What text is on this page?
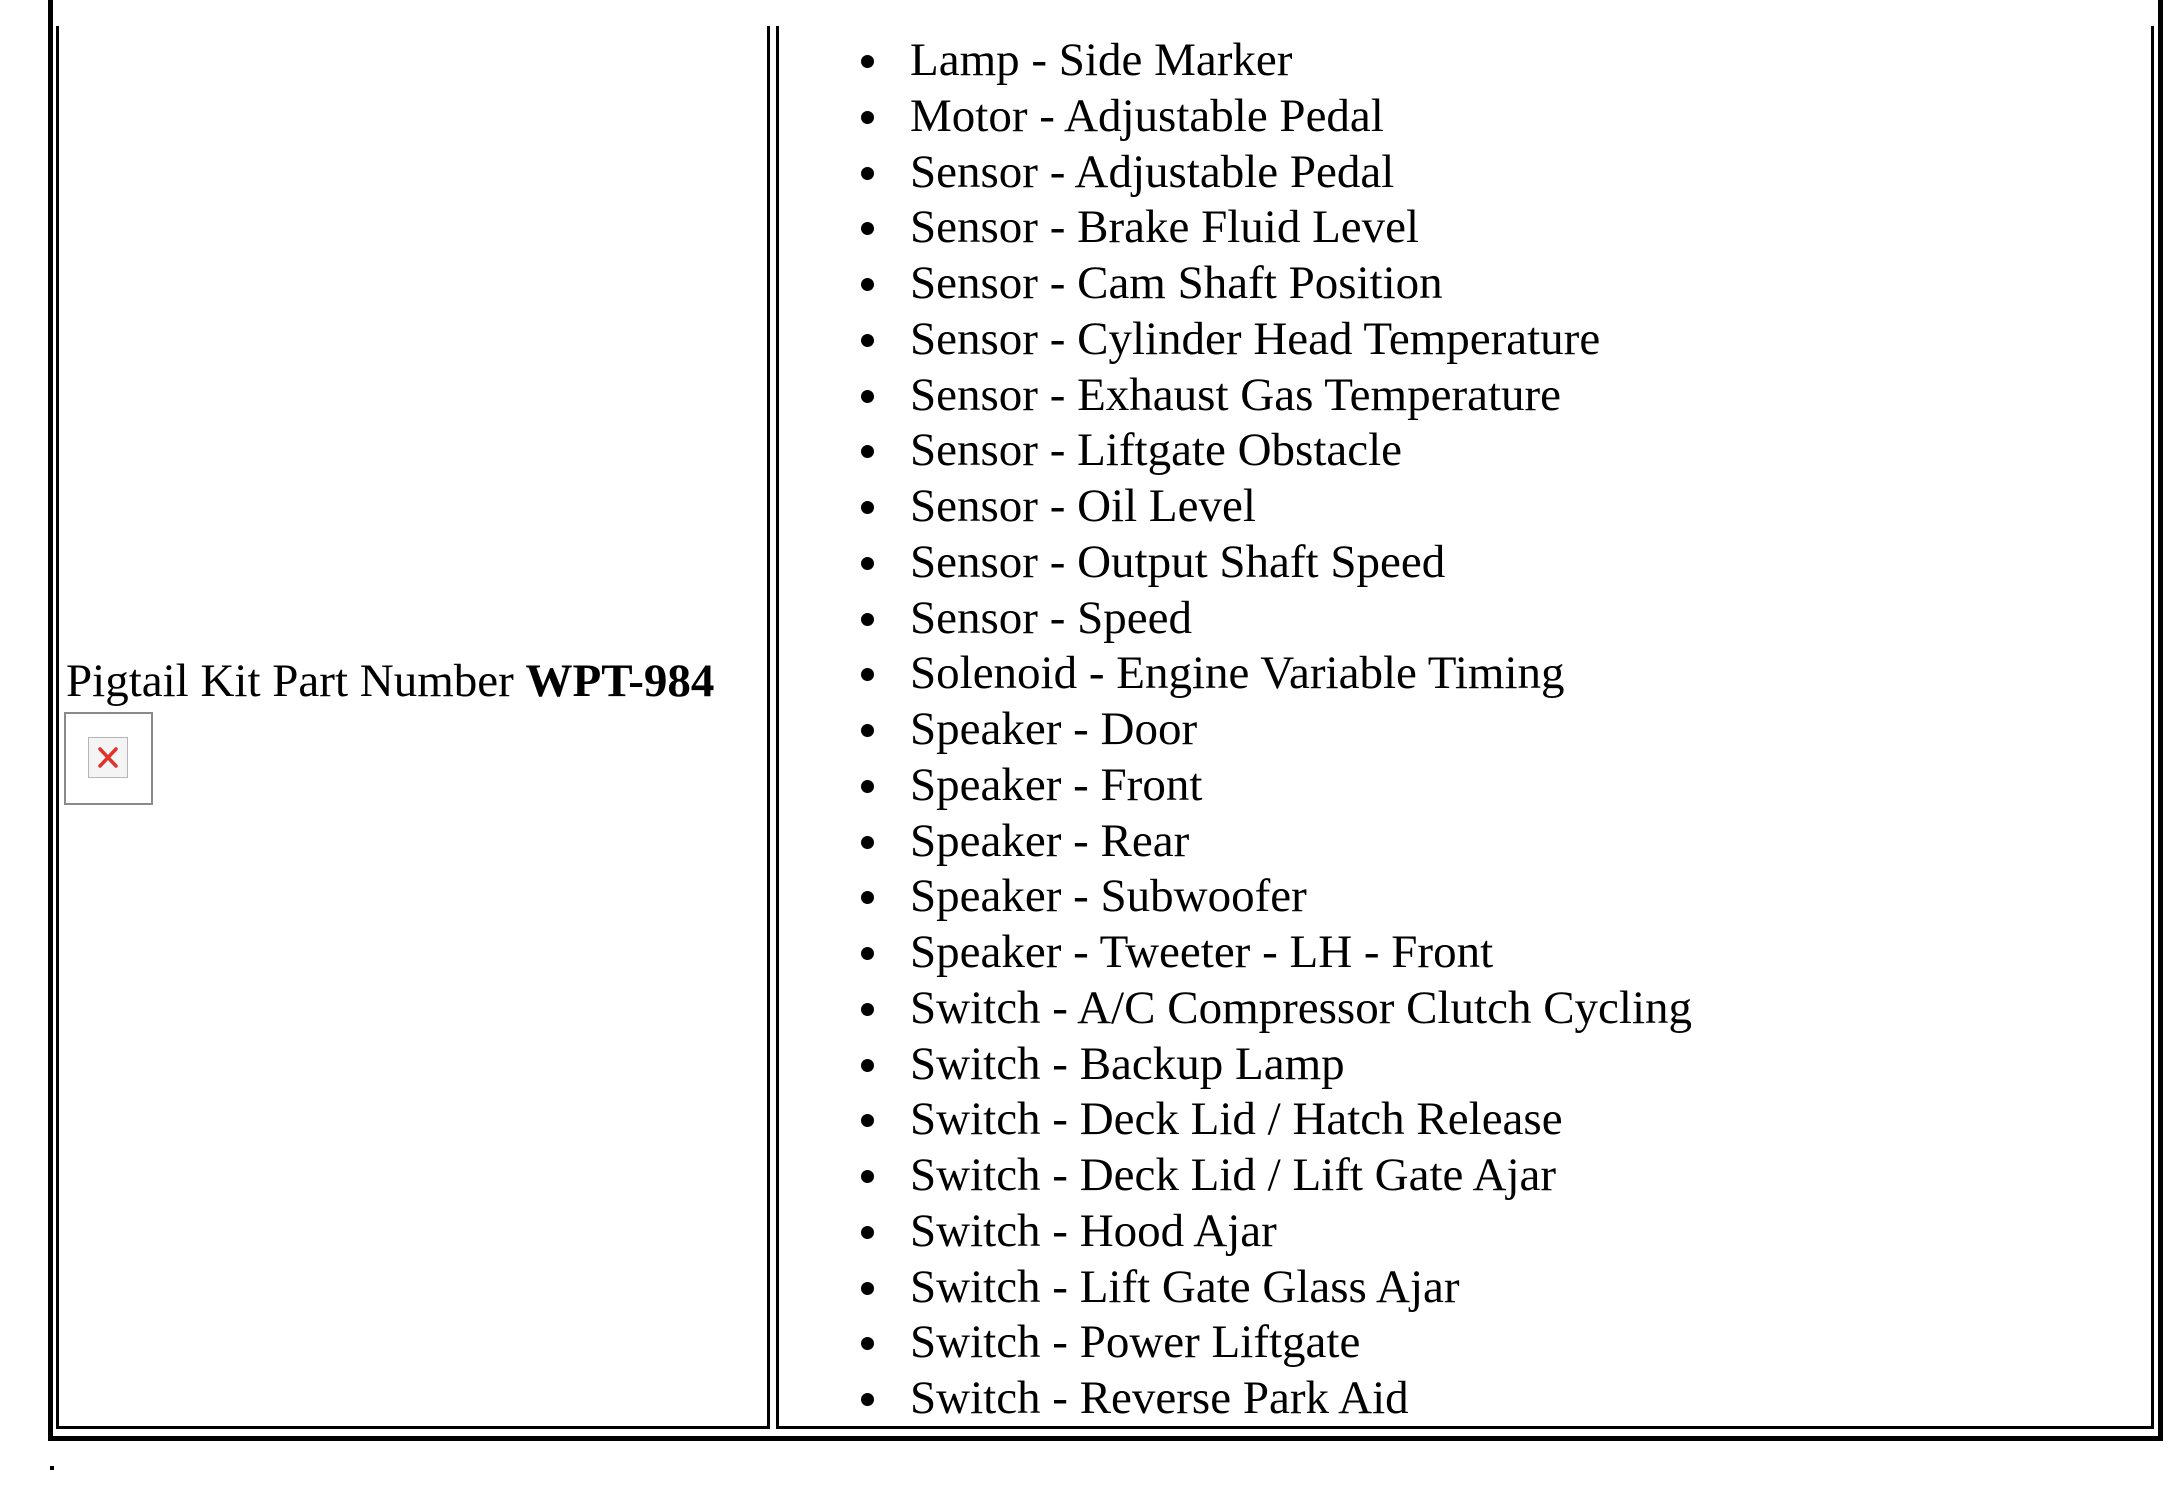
Pigtail Kit Part Number WPT-984
Lamp - Side Marker
Motor - Adjustable Pedal
Sensor - Adjustable Pedal
Sensor - Brake Fluid Level
Sensor - Cam Shaft Position
Sensor - Cylinder Head Temperature
Sensor - Exhaust Gas Temperature
Sensor - Liftgate Obstacle
Sensor - Oil Level
Sensor - Output Shaft Speed
Sensor - Speed
Solenoid - Engine Variable Timing
Speaker - Door
Speaker - Front
Speaker - Rear
Speaker - Subwoofer
Speaker - Tweeter - LH - Front
Switch - A/C Compressor Clutch Cycling
Switch - Backup Lamp
Switch - Deck Lid / Hatch Release
Switch - Deck Lid / Lift Gate Ajar
Switch - Hood Ajar
Switch - Lift Gate Glass Ajar
Switch - Power Liftgate
Switch - Reverse Park Aid
